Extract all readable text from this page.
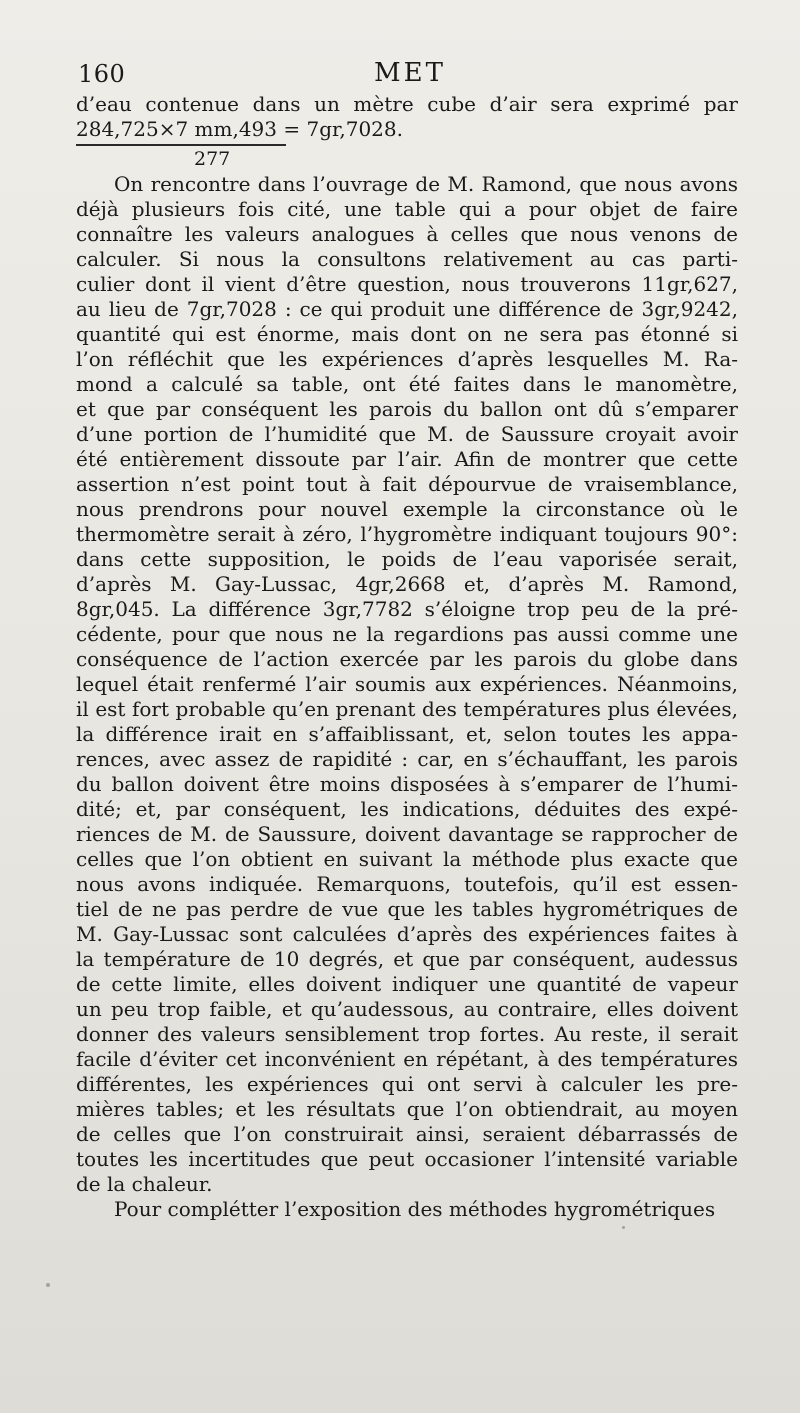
160	MET
d’eau contenue dans un mètre cube d’air sera exprimé par
284,725×7 mm,493 = 7gr,7028.
277
On rencontre dans l’ouvrage de M. Ramond, que nous avons
déjà plusieurs fois cité, une table qui a pour objet de faire
connaître les valeurs analogues à celles que nous venons de
calculer. Si nous la consultons relativement au cas parti-
culier dont il vient d’être question, nous trouverons 11gr,627,
au lieu de 7gr,7028 : ce qui produit une différence de 3gr,9242,
quantité qui est énorme, mais dont on ne sera pas étonné si
l’on réfléchit que les expériences d’après lesquelles M. Ra-
mond a calculé sa table, ont été faites dans le manomètre,
et que par conséquent les parois du ballon ont dû s’emparer
d’une portion de l’humidité que M. de Saussure croyait avoir
été entièrement dissoute par l’air. Afin de montrer que cette
assertion n’est point tout à fait dépourvue de vraisemblance,
nous prendrons pour nouvel exemple la circonstance où le
thermomètre serait à zéro, l’hygromètre indiquant toujours 90°:
dans cette supposition, le poids de l’eau vaporisée serait,
d’après M. Gay-Lussac, 4gr,2668 et, d’après M. Ramond,
8gr,045. La différence 3gr,7782 s’éloigne trop peu de la pré-
cédente, pour que nous ne la regardions pas aussi comme une
conséquence de l’action exercée par les parois du globe dans
lequel était renfermé l’air soumis aux expériences. Néanmoins,
il est fort probable qu’en prenant des températures plus élevées,
la différence irait en s’affaiblissant, et, selon toutes les appa-
rences, avec assez de rapidité : car, en s’échauffant, les parois
du ballon doivent être moins disposées à s’emparer de l’humi-
dité; et, par conséquent, les indications, déduites des expé-
riences de M. de Saussure, doivent davantage se rapprocher de
celles que l’on obtient en suivant la méthode plus exacte que
nous avons indiquée. Remarquons, toutefois, qu’il est essen-
tiel de ne pas perdre de vue que les tables hygrométriques de
M. Gay-Lussac sont calculées d’après des expériences faites à
la température de 10 degrés, et que par conséquent, audessus
de cette limite, elles doivent indiquer une quantité de vapeur
un peu trop faible, et qu’audessous, au contraire, elles doivent
donner des valeurs sensiblement trop fortes. Au reste, il serait
facile d’éviter cet inconvénient en répétant, à des températures
différentes, les expériences qui ont servi à calculer les pre-
mières tables; et les résultats que l’on obtiendrait, au moyen
de celles que l’on construirait ainsi, seraient débarrassés de
toutes les incertitudes que peut occasioner l’intensité variable
de la chaleur.
Pour complétter l’exposition des méthodes hygrométriques
